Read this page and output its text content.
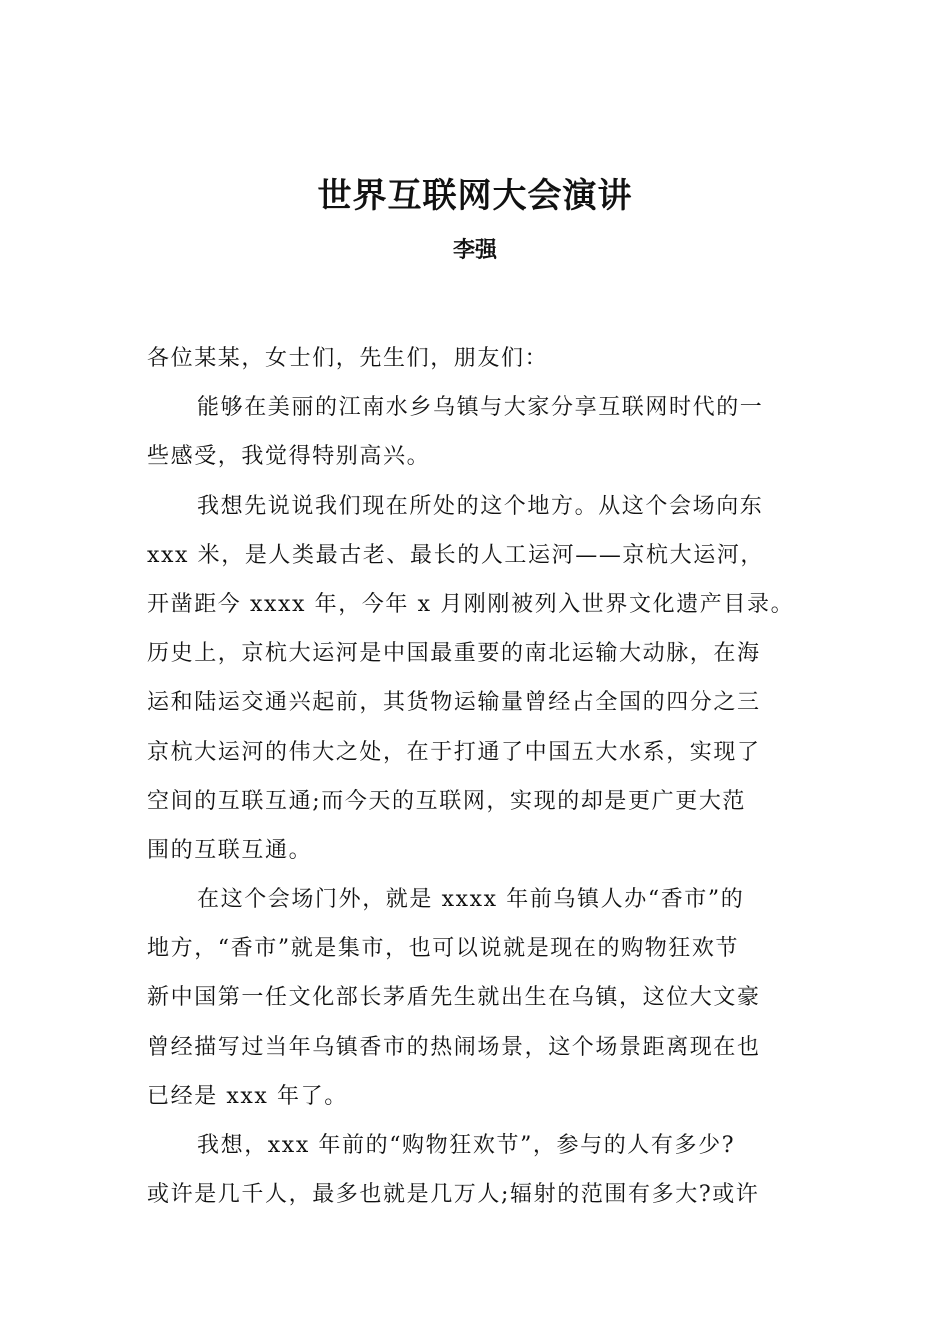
世界互联网大会演讲
李强
各位某某，女士们，先生们，朋友们：
能够在美丽的江南水乡乌镇与大家分享互联网时代的一
些感受，我觉得特别高兴。
我想先说说我们现在所处的这个地方。从这个会场向东
xxx 米，是人类最古老、最长的人工运河——京杭大运河，
开凿距今 xxxx 年，今年 x 月刚刚被列入世界文化遗产目录。
历史上，京杭大运河是中国最重要的南北运输大动脉，在海
运和陆运交通兴起前，其货物运输量曾经占全国的四分之三
京杭大运河的伟大之处，在于打通了中国五大水系，实现了
空间的互联互通;而今天的互联网，实现的却是更广更大范
围的互联互通。
在这个会场门外，就是 xxxx 年前乌镇人办“香市”的
地方，“香市”就是集市，也可以说就是现在的购物狂欢节
新中国第一任文化部长茅盾先生就出生在乌镇，这位大文豪
曾经描写过当年乌镇香市的热闹场景，这个场景距离现在也
已经是 xxx 年了。
我想，xxx 年前的“购物狂欢节”，参与的人有多少?
或许是几千人，最多也就是几万人;辐射的范围有多大?或许
